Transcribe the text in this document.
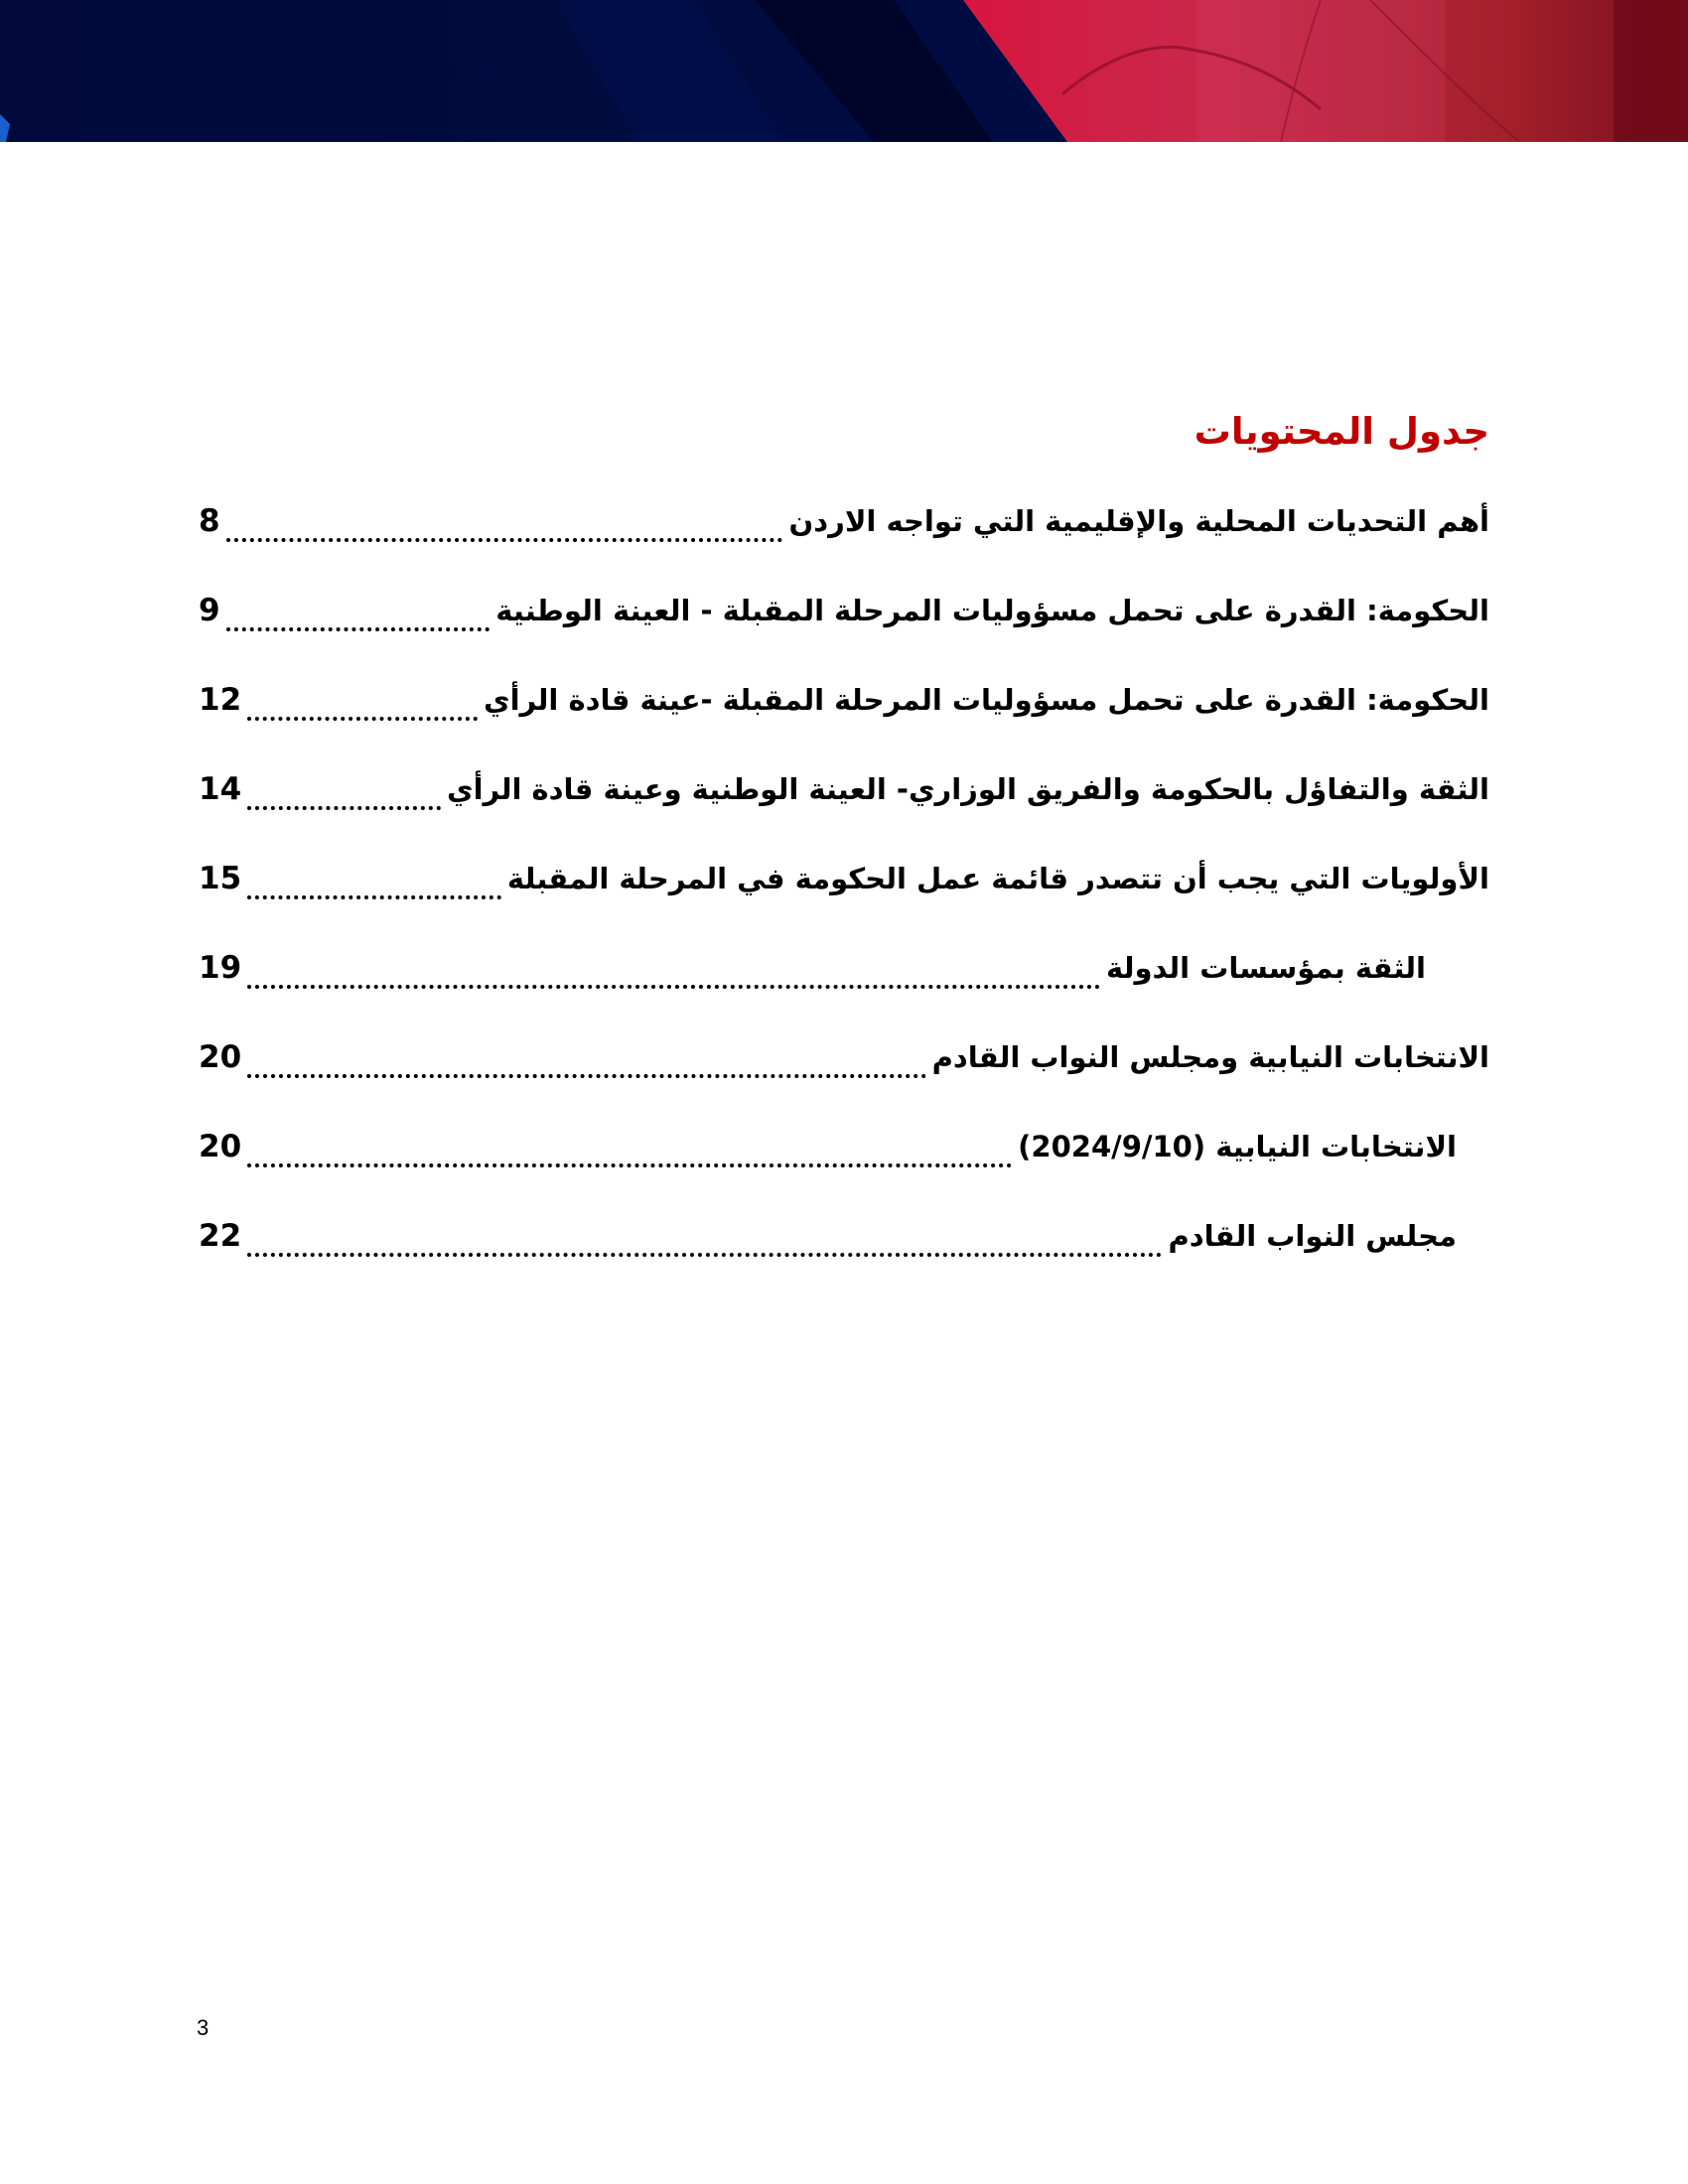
جدول المحتويات
أهم التحديات المحلية والإقليمية التي تواجه الاردن
8
الحكومة: القدرة على تحمل مسؤوليات المرحلة المقبلة - العينة الوطنية
9
الحكومة: القدرة على تحمل مسؤوليات المرحلة المقبلة -عينة قادة الرأي
12
الثقة والتفاؤل بالحكومة والفريق الوزاري- العينة الوطنية وعينة قادة الرأي
14
الأولويات التي يجب أن تتصدر قائمة عمل الحكومة في المرحلة المقبلة
15
الثقة بمؤسسات الدولة
19
الانتخابات النيابية ومجلس النواب القادم
20
الانتخابات النيابية (2024/9/10)
20
مجلس النواب القادم
22
3
